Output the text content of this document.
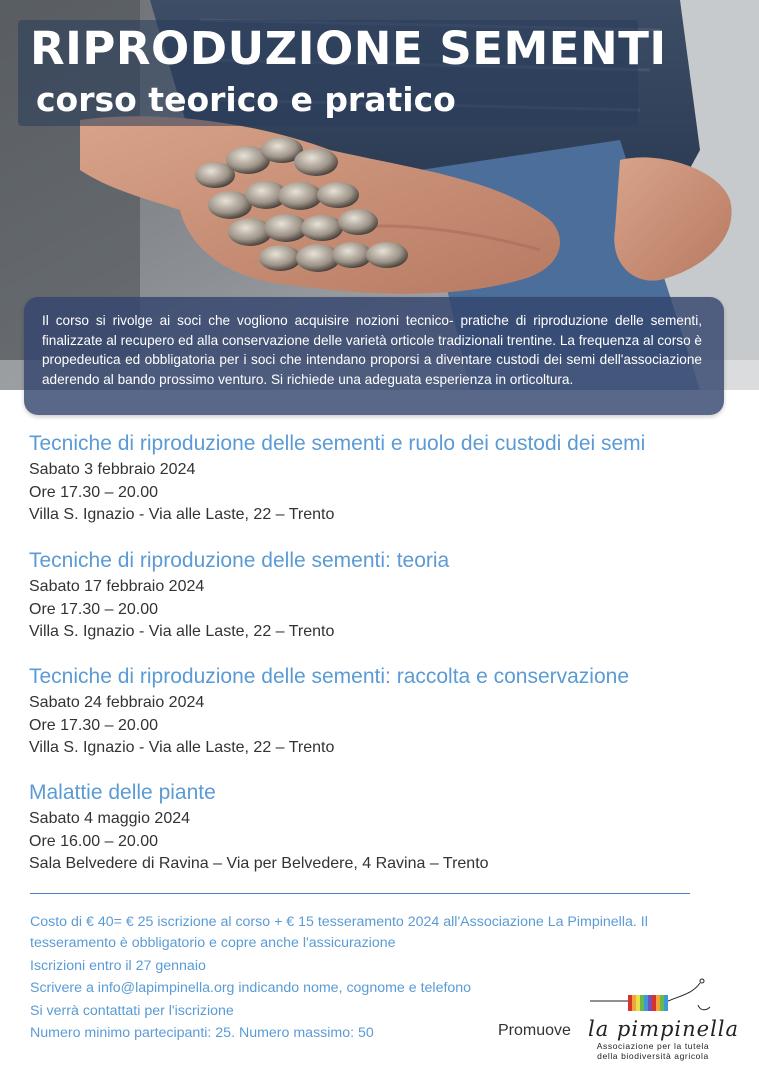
RIPRODUZIONE SEMENTI
corso teorico e pratico

Il corso si rivolge ai soci che vogliono acquisire nozioni tecnico- pratiche di riproduzione delle sementi, finalizzate al recupero ed alla conservazione delle varietà orticole tradizionali trentine. La frequenza al corso è propedeutica ed obbligatoria per i soci che intendano proporsi a diventare custodi dei semi dell'associazione aderendo al bando prossimo venturo. Si richiede una adeguata esperienza in orticoltura.

Tecniche di riproduzione delle sementi e ruolo dei custodi dei semi

Sabato 3 febbraio 2024

Ore 17.30 – 20.00

Villa S. Ignazio - Via alle Laste, 22 – Trento

Tecniche di riproduzione delle sementi: teoria

Sabato 17 febbraio 2024

Ore 17.30 – 20.00

Villa S. Ignazio - Via alle Laste, 22 – Trento

Tecniche di riproduzione delle sementi: raccolta e conservazione

Sabato 24 febbraio 2024

Ore 17.30 – 20.00

Villa S. Ignazio - Via alle Laste, 22 – Trento

Malattie delle piante

Sabato 4 maggio 2024

Ore 16.00 – 20.00

Sala Belvedere di Ravina – Via per Belvedere, 4 Ravina – Trento

Costo di € 40= € 25 iscrizione al corso + € 15 tesseramento 2024 all'Associazione La Pimpinella. Il tesseramento è obbligatorio e copre anche l'assicurazione

Iscrizioni entro il 27 gennaio

Scrivere a info@lapimpinella.org indicando nome, cognome e telefono

Si verrà contattati per l'iscrizione

Numero minimo partecipanti: 25. Numero massimo: 50	Promuove la pimpinella
Associazione per la tutela della biodiversità agricola
